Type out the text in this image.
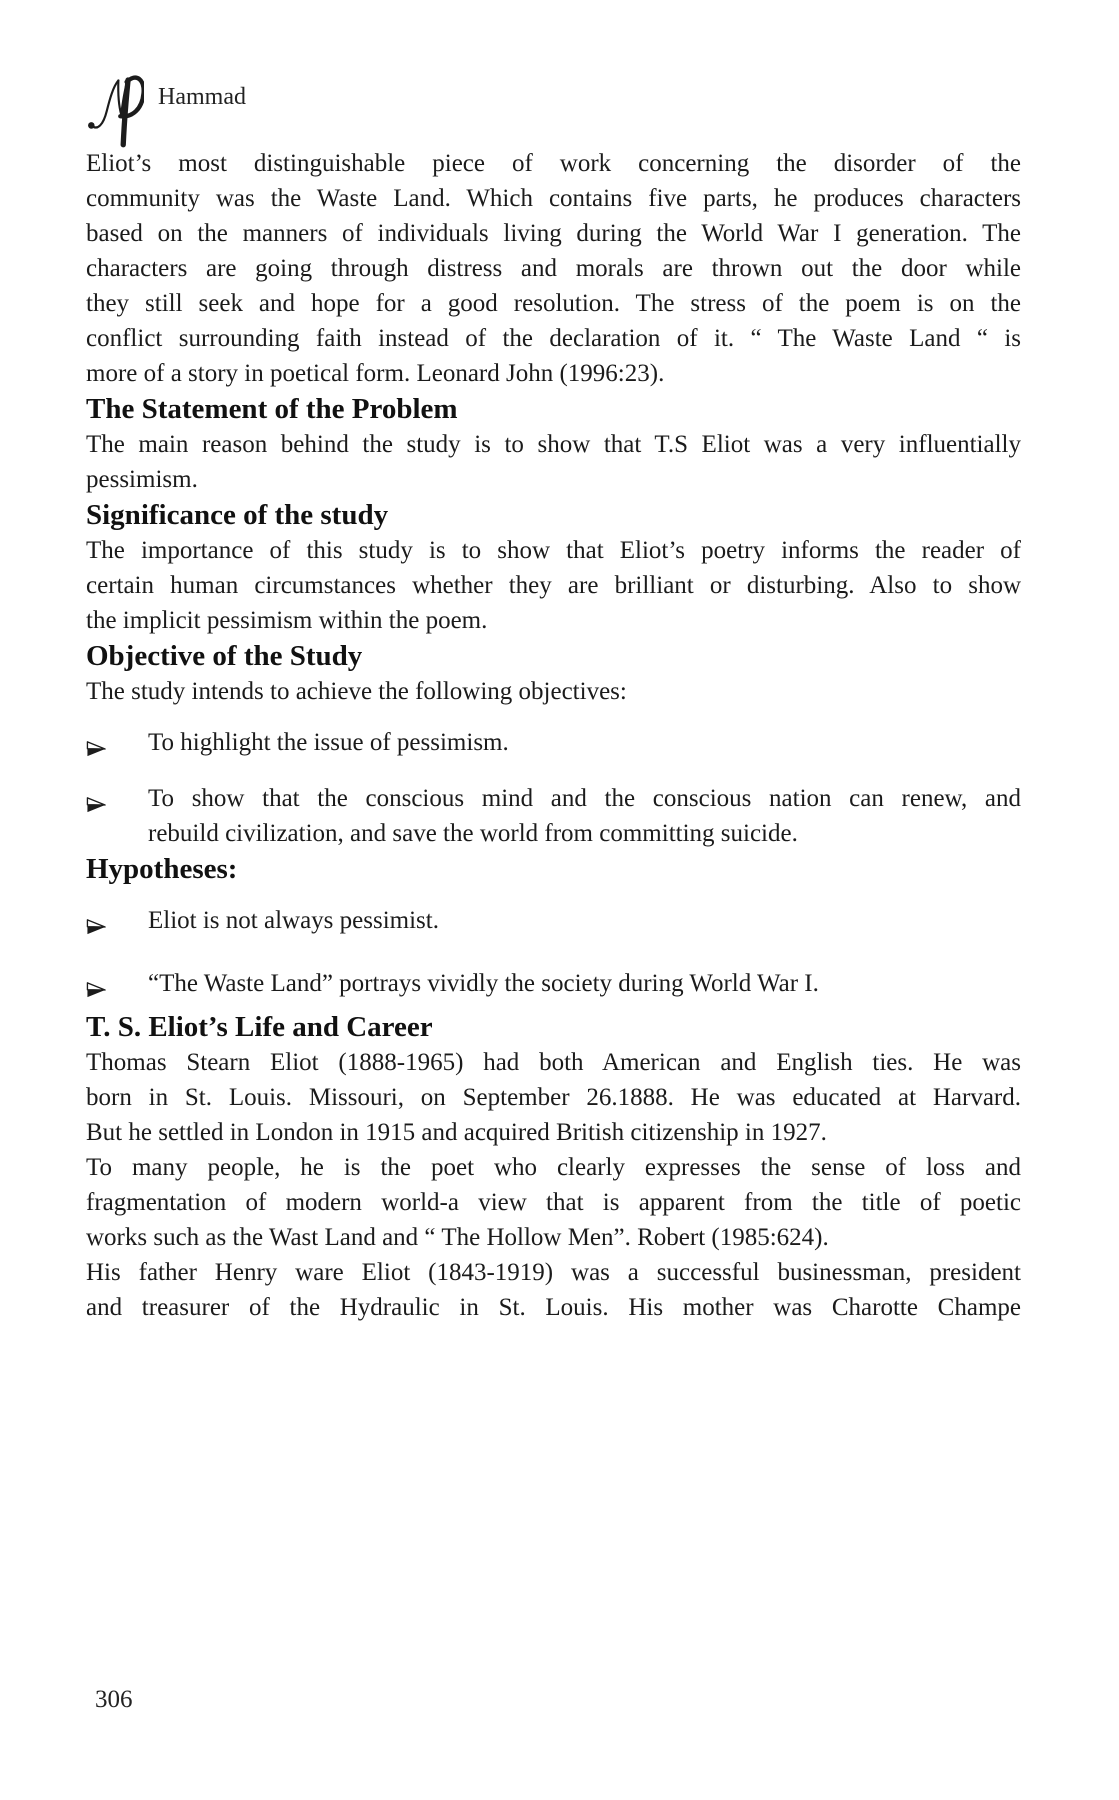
Hammad

Eliot’s most distinguishable piece of work concerning the disorder of the
community was the Waste Land. Which contains five parts, he produces characters
based on the manners of individuals living during the World War I generation. The
characters are going through distress and morals are thrown out the door while
they still seek and hope for a good resolution. The stress of the poem is on the
conflict surrounding faith instead of the declaration of it. “ The Waste Land “ is
more of a story in poetical form. Leonard John (1996:23).

The Statement of the Problem

The main reason behind the study is to show that T.S Eliot was a very influentially
pessimism.

Significance of the study

The importance of this study is to show that Eliot’s poetry informs the reader of
certain human circumstances whether they are brilliant or disturbing. Also to show
the implicit pessimism within the poem.

Objective of the Study

The study intends to achieve the following objectives:

To highlight the issue of pessimism.
To show that the conscious mind and the conscious nation can renew, and
rebuild civilization, and save the world from committing suicide.
Hypotheses:
Eliot is not always pessimist.
“The Waste Land” portrays vividly the society during World War I.
T. S. Eliot’s Life and Career

Thomas Stearn Eliot (1888-1965) had both American and English ties. He was
born in St. Louis. Missouri, on September 26.1888. He was educated at Harvard.
But he settled in London in 1915 and acquired British citizenship in 1927.

To many people, he is the poet who clearly expresses the sense of loss and
fragmentation of modern world-a view that is apparent from the title of poetic
works such as the Wast Land and “ The Hollow Men”. Robert (1985:624).

His father Henry ware Eliot (1843-1919) was a successful businessman, president
and treasurer of the Hydraulic in St. Louis. His mother was Charotte Champe

306
